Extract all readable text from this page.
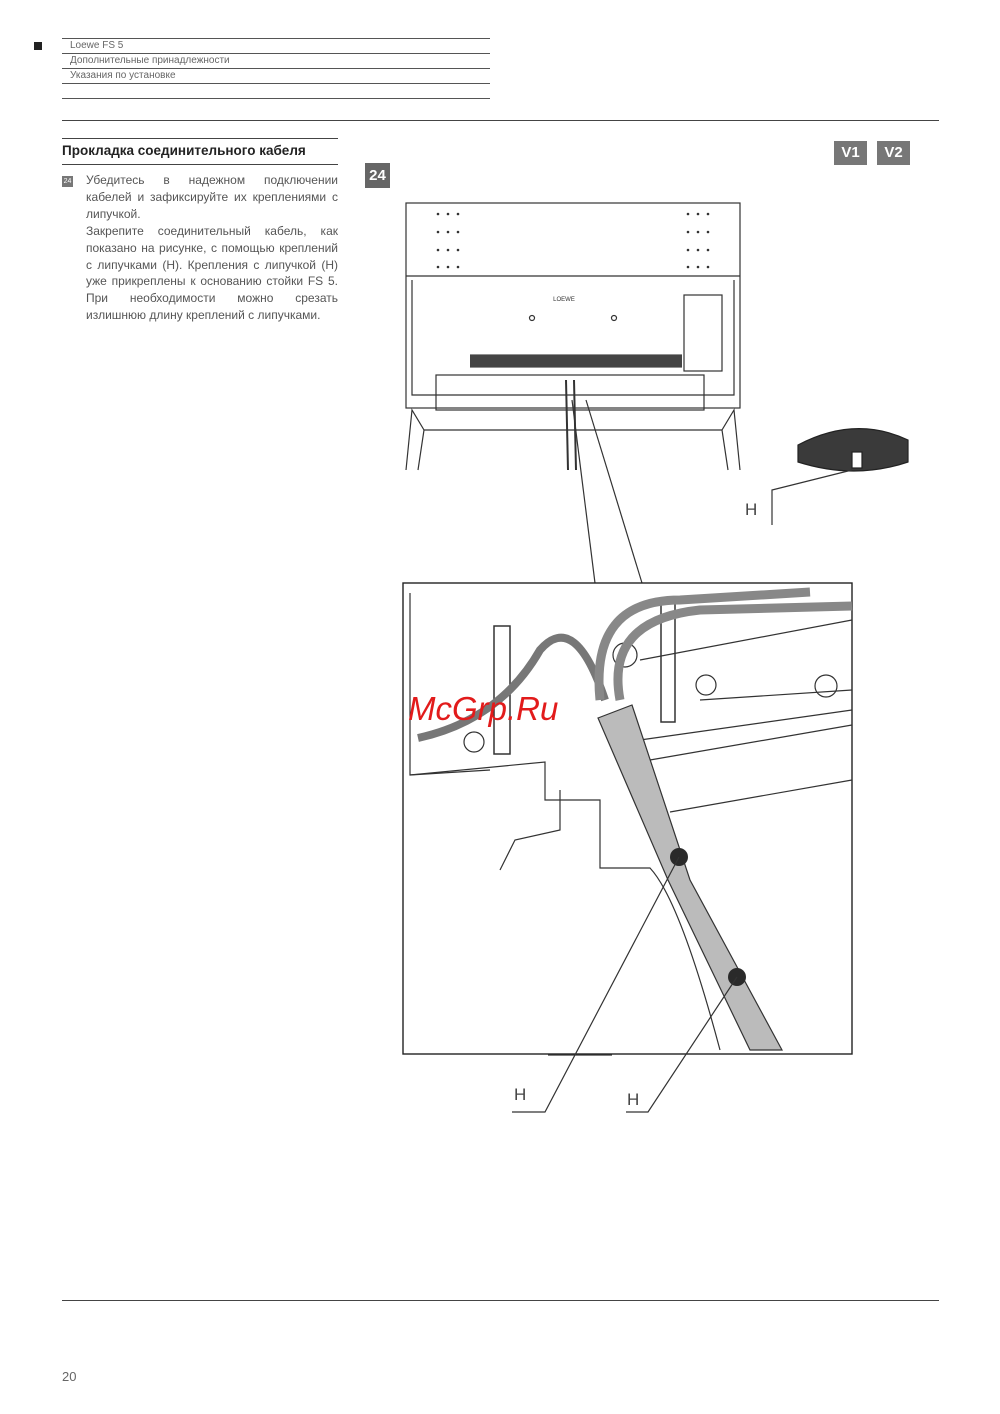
Loewe FS 5
Дополнительные принадлежности
Указания по установке
Прокладка соединительного кабеля
24 Убедитесь в надежном подключении кабелей и зафиксируйте их креплениями с липучкой.
Закрепите соединительный кабель, как показано на рисунке, с помощью креплений с липучками (H). Крепления с липучкой (H) уже прикреплены к основанию стойки FS 5. При необходимости можно срезать излишнюю длину креплений с липучками.
24
V1	V2
LOEWE
McGrp.Ru
H
H	H
20
